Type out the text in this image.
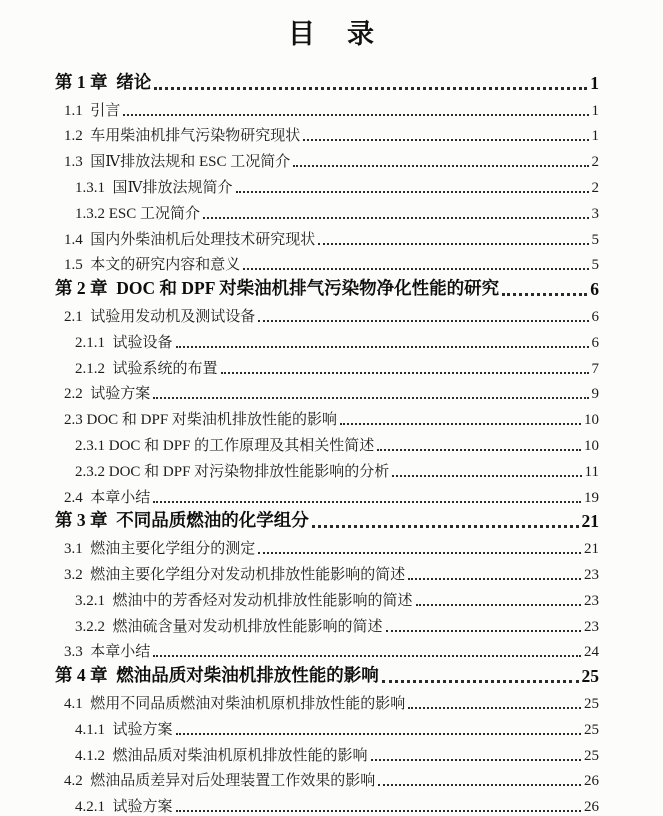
目    录
第 1 章  绪论	1
1.1  引言	1
1.2  车用柴油机排气污染物研究现状	1
1.3  国Ⅳ排放法规和 ESC 工况简介	2
1.3.1  国Ⅳ排放法规简介	2
1.3.2 ESC 工况简介	3
1.4  国内外柴油机后处理技术研究现状	5
1.5  本文的研究内容和意义	5
第 2 章  DOC 和 DPF 对柴油机排气污染物净化性能的研究	6
2.1  试验用发动机及测试设备	6
2.1.1  试验设备	6
2.1.2  试验系统的布置	7
2.2  试验方案	9
2.3 DOC 和 DPF 对柴油机排放性能的影响	10
2.3.1 DOC 和 DPF 的工作原理及其相关性简述	10
2.3.2 DOC 和 DPF 对污染物排放性能影响的分析	11
2.4  本章小结	19
第 3 章  不同品质燃油的化学组分	21
3.1  燃油主要化学组分的测定	21
3.2  燃油主要化学组分对发动机排放性能影响的简述	23
3.2.1  燃油中的芳香烃对发动机排放性能影响的简述	23
3.2.2  燃油硫含量对发动机排放性能影响的简述	23
3.3  本章小结	24
第 4 章  燃油品质对柴油机排放性能的影响	25
4.1  燃用不同品质燃油对柴油机原机排放性能的影响	25
4.1.1  试验方案	25
4.1.2  燃油品质对柴油机原机排放性能的影响	25
4.2  燃油品质差异对后处理装置工作效果的影响	26
4.2.1  试验方案	26
